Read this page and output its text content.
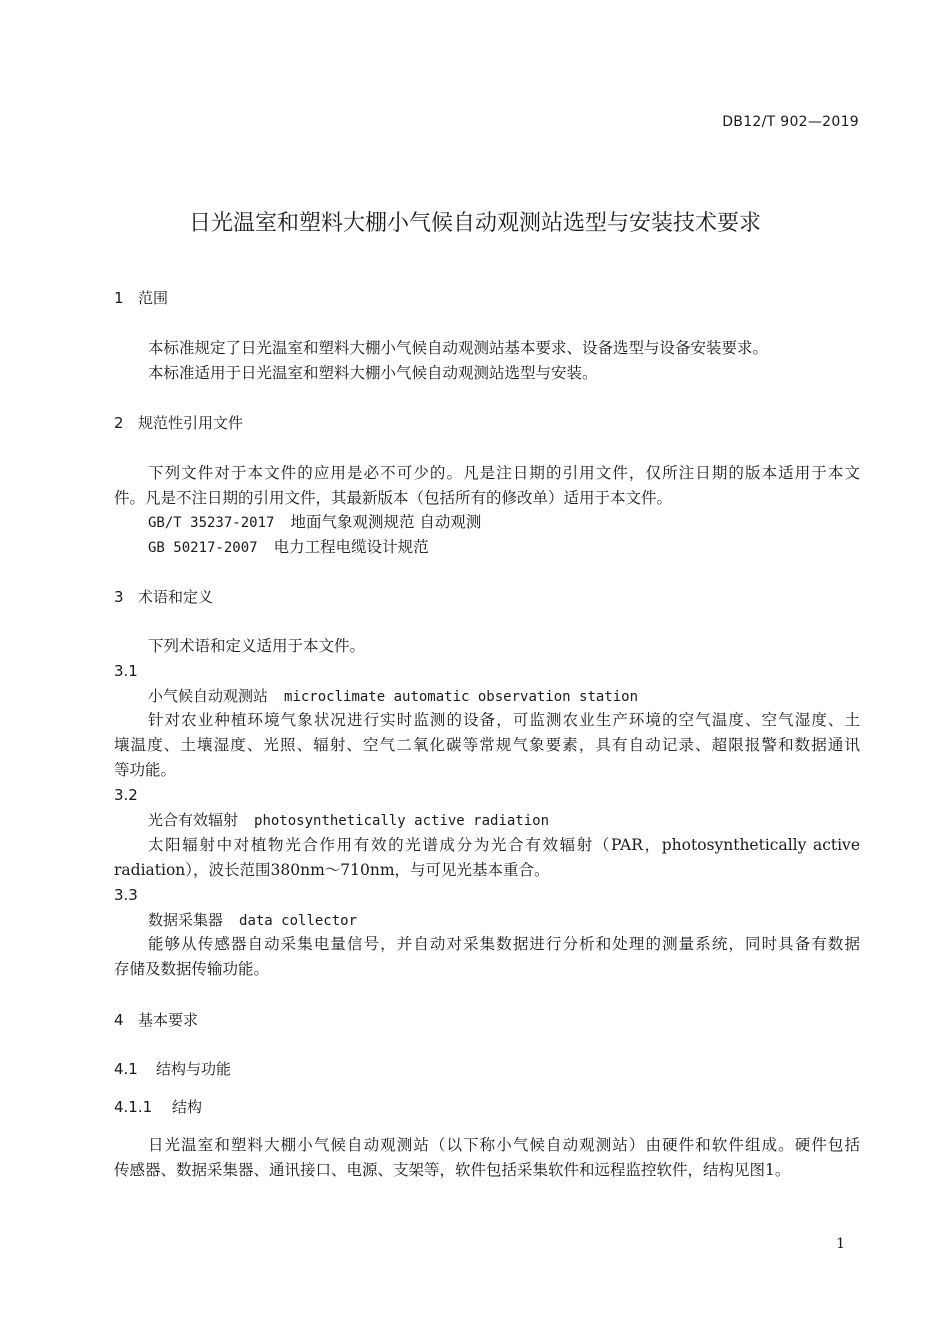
DB12/T 902—2019
日光温室和塑料大棚小气候自动观测站选型与安装技术要求
1 范围
本标准规定了日光温室和塑料大棚小气候自动观测站基本要求、设备选型与设备安装要求。
本标准适用于日光温室和塑料大棚小气候自动观测站选型与安装。
2 规范性引用文件
下列文件对于本文件的应用是必不可少的。凡是注日期的引用文件，仅所注日期的版本适用于本文
件。凡是不注日期的引用文件，其最新版本（包括所有的修改单）适用于本文件。
GB/T 35237-2017 地面气象观测规范 自动观测
GB 50217-2007 电力工程电缆设计规范
3 术语和定义
下列术语和定义适用于本文件。
3.1
小气候自动观测站 microclimate automatic observation station
针对农业种植环境气象状况进行实时监测的设备，可监测农业生产环境的空气温度、空气湿度、土
壤温度、土壤湿度、光照、辐射、空气二氧化碳等常规气象要素，具有自动记录、超限报警和数据通讯
等功能。
3.2
光合有效辐射 photosynthetically active radiation
太阳辐射中对植物光合作用有效的光谱成分为光合有效辐射（PAR，photosynthetically active
radiation），波长范围380nm～710nm，与可见光基本重合。
3.3
数据采集器 data collector
能够从传感器自动采集电量信号，并自动对采集数据进行分析和处理的测量系统，同时具备有数据
存储及数据传输功能。
4 基本要求
4.1 结构与功能
4.1.1 结构
日光温室和塑料大棚小气候自动观测站（以下称小气候自动观测站）由硬件和软件组成。硬件包括
传感器、数据采集器、通讯接口、电源、支架等，软件包括采集软件和远程监控软件，结构见图1。
1
